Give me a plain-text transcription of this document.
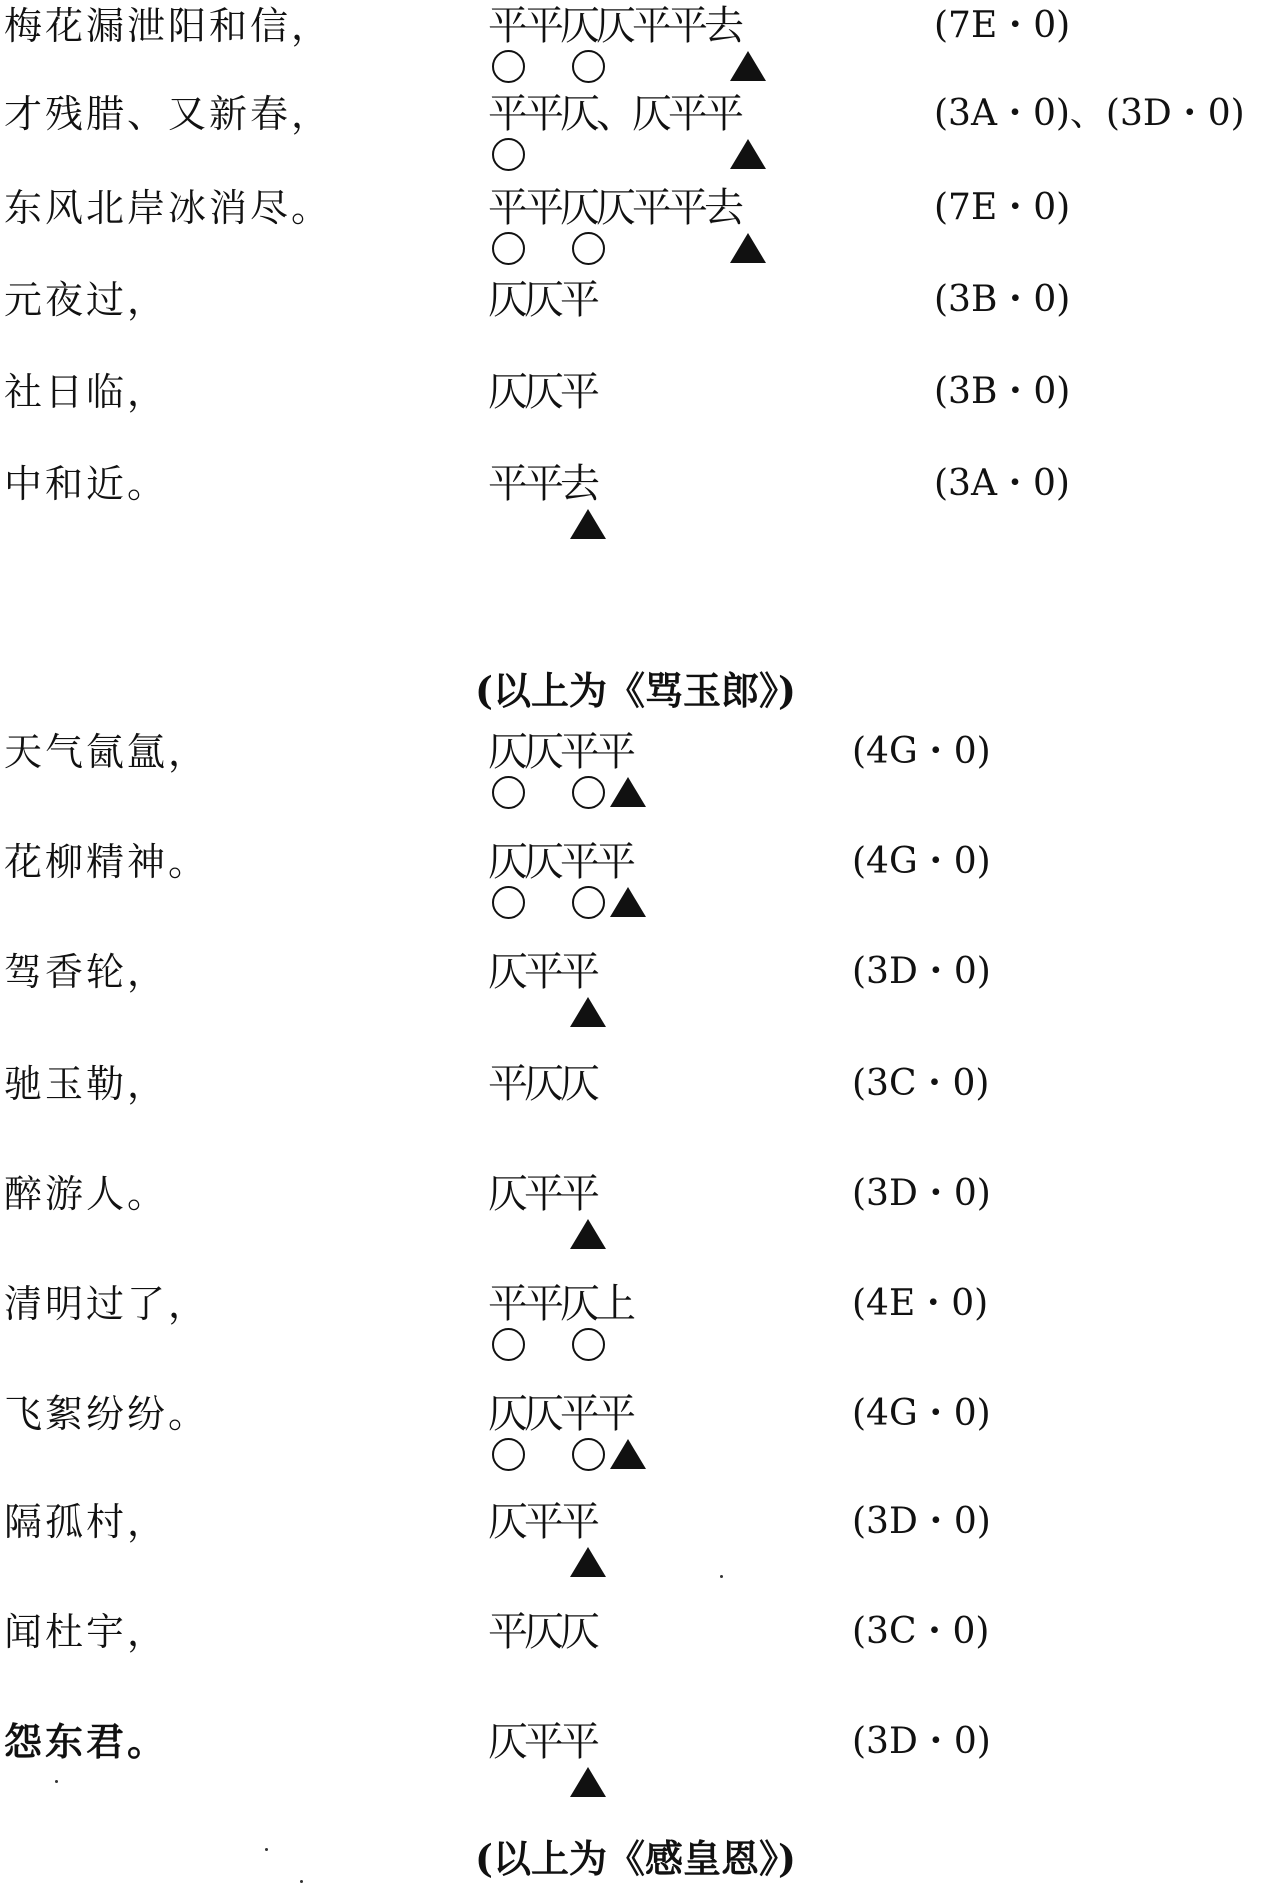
梅花漏泄阳和信，	平平仄仄平平去	(7E・0)
才残腊、又新春，	平平仄、仄平平	(3A・0)、(3D・0)
东风北岸冰消尽。	平平仄仄平平去	(7E・0)
元夜过，	仄仄平	(3B・0)
社日临，	仄仄平	(3B・0)
中和近。	平平去	(3A・0)
(以上为《骂玉郎》)
天气氤氲，	仄仄平平	(4G・0)
花柳精神。	仄仄平平	(4G・0)
驾香轮，	仄平平	(3D・0)
驰玉勒，	平仄仄	(3C・0)
醉游人。	仄平平	(3D・0)
清明过了，	平平仄上	(4E・0)
飞絮纷纷。	仄仄平平	(4G・0)
隔孤村，	仄平平	(3D・0)
闻杜宇，	平仄仄	(3C・0)
怨东君。	仄平平	(3D・0)
(以上为《感皇恩》)
